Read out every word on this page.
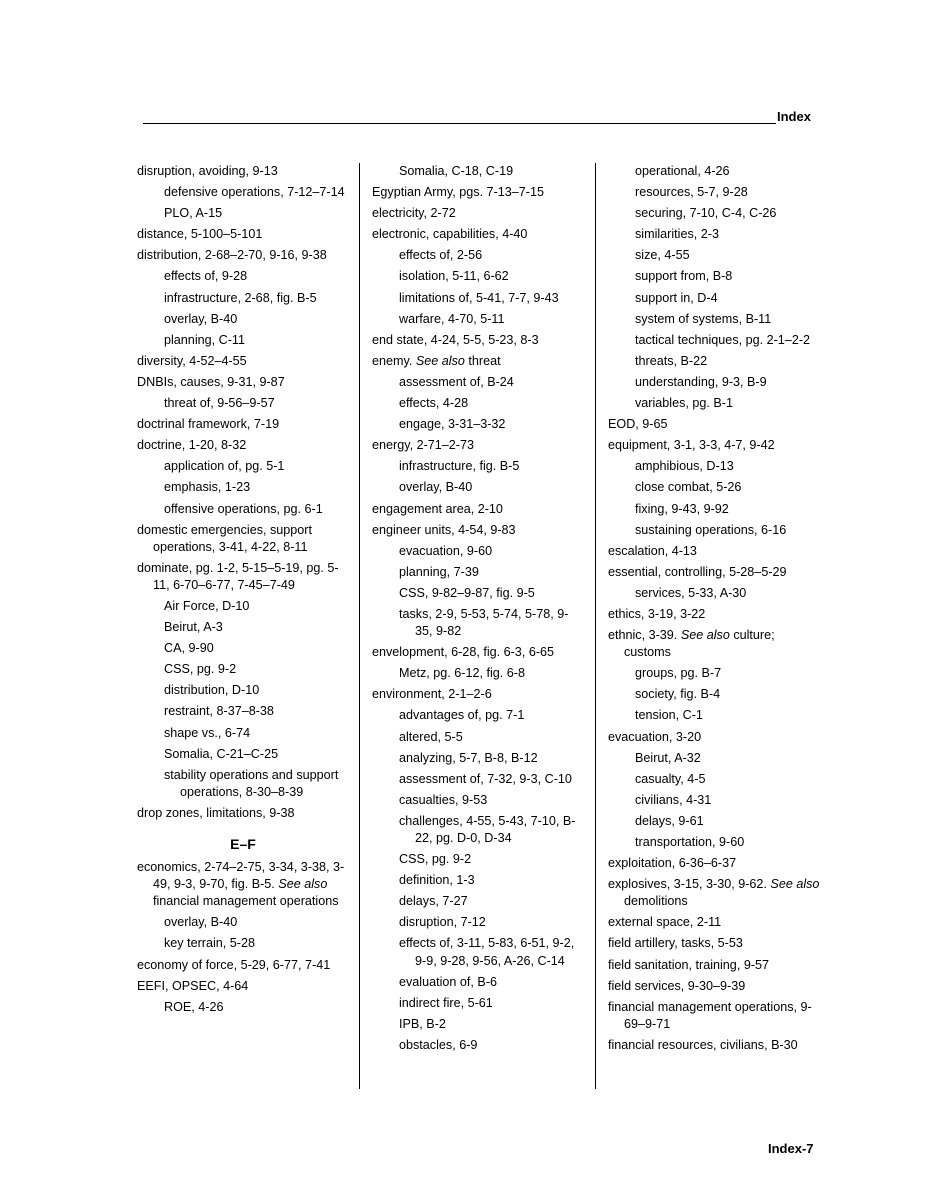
Index
disruption, avoiding, 9-13
defensive operations, 7-12–7-14
PLO, A-15
distance, 5-100–5-101
distribution, 2-68–2-70, 9-16, 9-38
effects of, 9-28
infrastructure, 2-68, fig. B-5
overlay, B-40
planning, C-11
diversity, 4-52–4-55
DNBIs, causes, 9-31, 9-87
threat of, 9-56–9-57
doctrinal framework, 7-19
doctrine, 1-20, 8-32
application of, pg. 5-1
emphasis, 1-23
offensive operations, pg. 6-1
domestic emergencies, support operations, 3-41, 4-22, 8-11
dominate, pg. 1-2, 5-15–5-19, pg. 5-11, 6-70–6-77, 7-45–7-49
Air Force, D-10
Beirut, A-3
CA, 9-90
CSS, pg. 9-2
distribution, D-10
restraint, 8-37–8-38
shape vs., 6-74
Somalia, C-21–C-25
stability operations and support operations, 8-30–8-39
drop zones, limitations, 9-38
E–F
economics, 2-74–2-75, 3-34, 3-38, 3-49, 9-3, 9-70, fig. B-5. See also financial management operations
overlay, B-40
key terrain, 5-28
economy of force, 5-29, 6-77, 7-41
EEFI, OPSEC, 4-64
ROE, 4-26
Somalia, C-18, C-19
Egyptian Army, pgs. 7-13–7-15
electricity, 2-72
electronic, capabilities, 4-40
effects of, 2-56
isolation, 5-11, 6-62
limitations of, 5-41, 7-7, 9-43
warfare, 4-70, 5-11
end state, 4-24, 5-5, 5-23, 8-3
enemy. See also threat
assessment of, B-24
effects, 4-28
engage, 3-31–3-32
energy, 2-71–2-73
infrastructure, fig. B-5
overlay, B-40
engagement area, 2-10
engineer units, 4-54, 9-83
evacuation, 9-60
planning, 7-39
CSS, 9-82–9-87, fig. 9-5
tasks, 2-9, 5-53, 5-74, 5-78, 9-35, 9-82
envelopment, 6-28, fig. 6-3, 6-65
Metz, pg. 6-12, fig. 6-8
environment, 2-1–2-6
advantages of, pg. 7-1
altered, 5-5
analyzing, 5-7, B-8, B-12
assessment of, 7-32, 9-3, C-10
casualties, 9-53
challenges, 4-55, 5-43, 7-10, B-22, pg. D-0, D-34
CSS, pg. 9-2
definition, 1-3
delays, 7-27
disruption, 7-12
effects of, 3-11, 5-83, 6-51, 9-2, 9-9, 9-28, 9-56, A-26, C-14
evaluation of, B-6
indirect fire, 5-61
IPB, B-2
obstacles, 6-9
operational, 4-26
resources, 5-7, 9-28
securing, 7-10, C-4, C-26
similarities, 2-3
size, 4-55
support from, B-8
support in, D-4
system of systems, B-11
tactical techniques, pg. 2-1–2-2
threats, B-22
understanding, 9-3, B-9
variables, pg. B-1
EOD, 9-65
equipment, 3-1, 3-3, 4-7, 9-42
amphibious, D-13
close combat, 5-26
fixing, 9-43, 9-92
sustaining operations, 6-16
escalation, 4-13
essential, controlling, 5-28–5-29
services, 5-33, A-30
ethics, 3-19, 3-22
ethnic, 3-39. See also culture; customs
groups, pg. B-7
society, fig. B-4
tension, C-1
evacuation, 3-20
Beirut, A-32
casualty, 4-5
civilians, 4-31
delays, 9-61
transportation, 9-60
exploitation, 6-36–6-37
explosives, 3-15, 3-30, 9-62. See also demolitions
external space, 2-11
field artillery, tasks, 5-53
field sanitation, training, 9-57
field services, 9-30–9-39
financial management operations, 9-69–9-71
financial resources, civilians, B-30
Index-7
